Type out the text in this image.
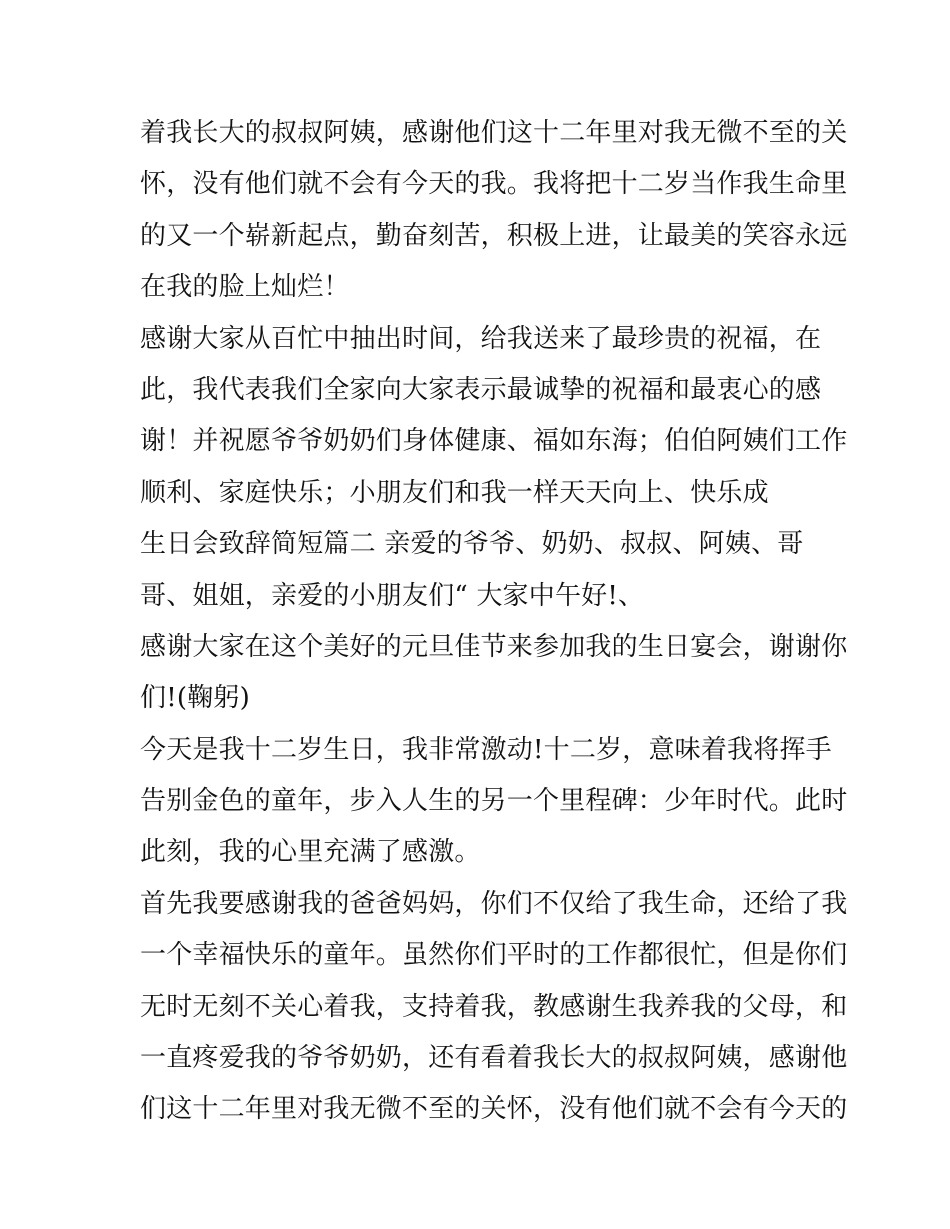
着我长大的叔叔阿姨，感谢他们这十二年里对我无微不至的关
怀，没有他们就不会有今天的我。我将把十二岁当作我生命里
的又一个崭新起点，勤奋刻苦，积极上进，让最美的笑容永远
在我的脸上灿烂！
感谢大家从百忙中抽出时间，给我送来了最珍贵的祝福，在
此，我代表我们全家向大家表示最诚挚的祝福和最衷心的感
谢！并祝愿爷爷奶奶们身体健康、福如东海；伯伯阿姨们工作
顺利、家庭快乐；小朋友们和我一样天天向上、快乐成
生日会致辞简短篇二 亲爱的爷爷、奶奶、叔叔、阿姨、哥
哥、姐姐，亲爱的小朋友们“ 大家中午好!、
感谢大家在这个美好的元旦佳节来参加我的生日宴会，谢谢你
们!(鞠躬)
今天是我十二岁生日，我非常激动!十二岁，意味着我将挥手
告别金色的童年，步入人生的另一个里程碑：少年时代。此时
此刻，我的心里充满了感激。
首先我要感谢我的爸爸妈妈，你们不仅给了我生命，还给了我
一个幸福快乐的童年。虽然你们平时的工作都很忙，但是你们
无时无刻不关心着我，支持着我，教感谢生我养我的父母，和
一直疼爱我的爷爷奶奶，还有看着我长大的叔叔阿姨，感谢他
们这十二年里对我无微不至的关怀，没有他们就不会有今天的
